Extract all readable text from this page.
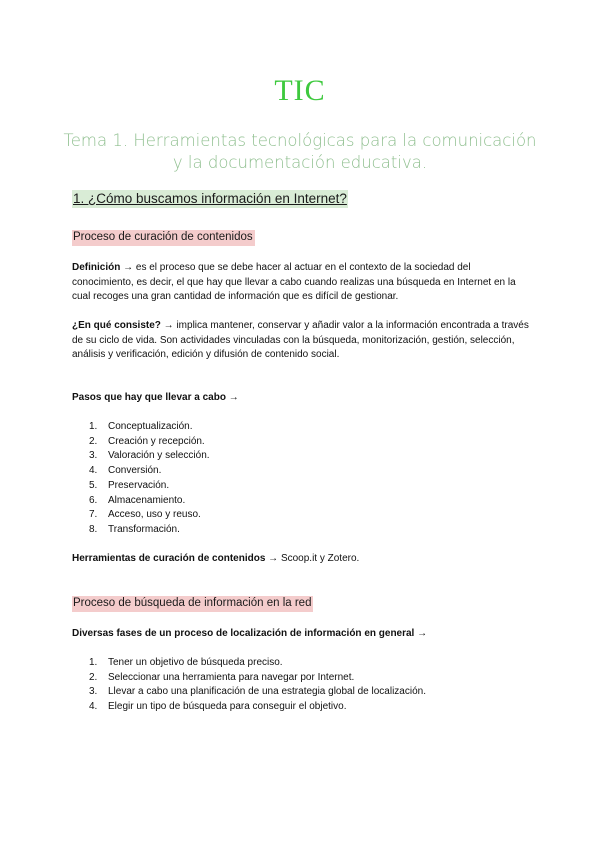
TIC
Tema 1. Herramientas tecnológicas para la comunicación y la documentación educativa.
1. ¿Cómo buscamos información en Internet?
Proceso de curación de contenidos
Definición → es el proceso que se debe hacer al actuar en el contexto de la sociedad del conocimiento, es decir, el que hay que llevar a cabo cuando realizas una búsqueda en Internet en la cual recoges una gran cantidad de información que es difícil de gestionar.
¿En qué consiste? → implica mantener, conservar y añadir valor a la información encontrada a través de su ciclo de vida. Son actividades vinculadas con la búsqueda, monitorización, gestión, selección, análisis y verificación, edición y difusión de contenido social.
Pasos que hay que llevar a cabo →
1.	Conceptualización.
2.	Creación y recepción.
3.	Valoración y selección.
4.	Conversión.
5.	Preservación.
6.	Almacenamiento.
7.	Acceso, uso y reuso.
8.	Transformación.
Herramientas de curación de contenidos → Scoop.it y Zotero.
Proceso de búsqueda de información en la red
Diversas fases de un proceso de localización de información en general →
1.	Tener un objetivo de búsqueda preciso.
2.	Seleccionar una herramienta para navegar por Internet.
3.	Llevar a cabo una planificación de una estrategia global de localización.
4.	Elegir un tipo de búsqueda para conseguir el objetivo.
